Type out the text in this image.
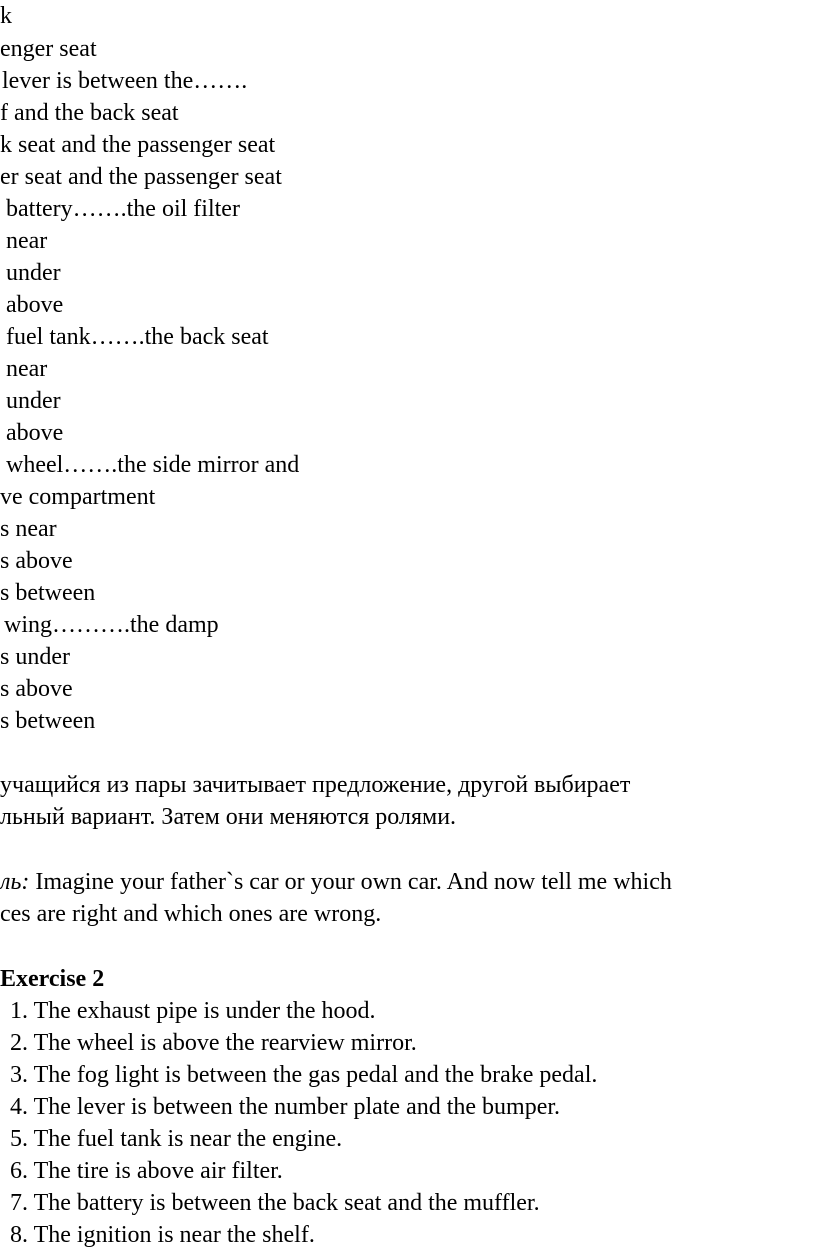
k
enger seat
lever is between the…….
f and the back seat
k seat and the passenger seat
er seat and the passenger seat
battery…….the oil filter
near
under
above
fuel tank…….the back seat
near
under
above
wheel…….the side mirror and
ve compartment
s near
s above
s between
wing……….the damp
s under
s above
s between
учащийся из пары зачитывает предложение, другой выбирает
льный вариант. Затем они меняются ролями.
ль: Imagine your father`s car or your own car. And now tell me which
ces are right and which ones are wrong.
Exercise 2
1. The exhaust pipe is under the hood.
2. The wheel is above the rearview mirror.
3. The fog light is between the gas pedal and the brake pedal.
4. The lever is between the number plate and the bumper.
5. The fuel tank is near the engine.
6. The tire is above air filter.
7. The battery is between the back seat and the muffler.
8. The ignition is near the shelf.
